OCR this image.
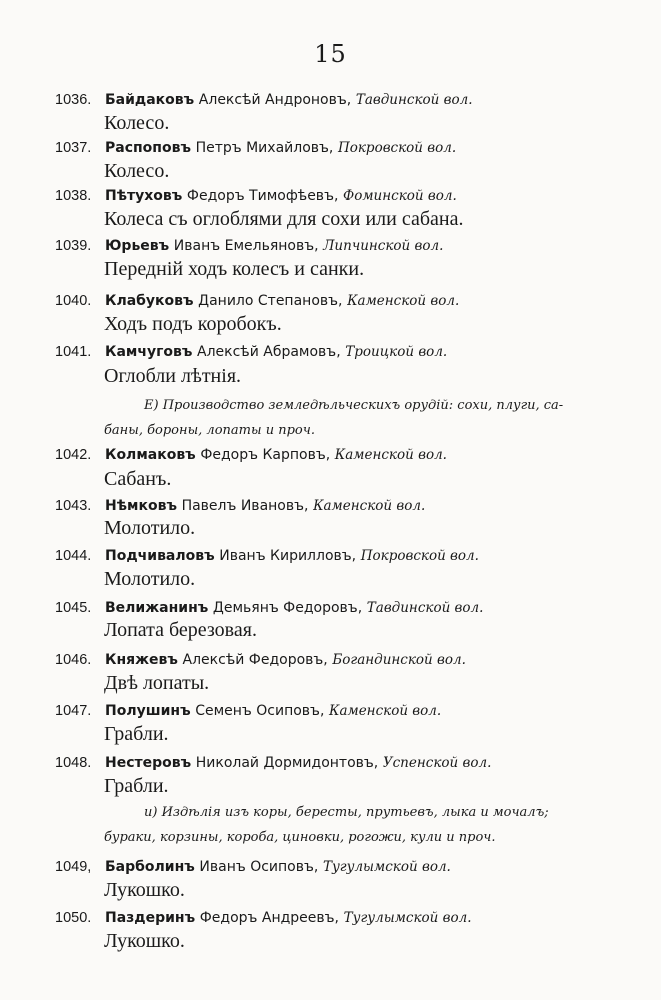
15
1036. Байдаковъ Алексѣй Андроновъ, Тавдинской вол.
Колесо.
1037. Распоповъ Петръ Михайловъ, Покровской вол.
Колесо.
1038. Пѣтуховъ Федоръ Тимофѣевъ, Фоминской вол.
Колеса съ оглоблями для сохи или сабана.
1039. Юрьевъ Иванъ Емельяновъ, Липчинской вол.
Переднiй ходъ колесъ и санки.
1040. Клабуковъ Данило Степановъ, Каменской вол.
Ходъ подъ коробокъ.
1041. Камчуговъ Алексѣй Абрамовъ, Троицкой вол.
Оглобли лѣтнiя.
Е) Производство земледѣльческихъ орудiй: сохи, плуги, са-
баны, бороны, лопаты и проч.
1042. Колмаковъ Федоръ Карповъ, Каменской вол.
Сабанъ.
1043. Нѣмковъ Павелъ Ивановъ, Каменской вол.
Молотило.
1044. Подчиваловъ Иванъ Кирилловъ, Покровской вол.
Молотило.
1045. Велижанинъ Демьянъ Федоровъ, Тавдинской вол.
Лопата березовая.
1046. Княжевъ Алексѣй Федоровъ, Богандинской вол.
Двѣ лопаты.
1047. Полушинъ Семенъ Осиповъ, Каменской вол.
Грабли.
1048. Нестеровъ Николай Дормидонтовъ, Успенской вол.
Грабли.
и) Издѣлiя изъ коры, бересты, прутьевъ, лыка и мочалъ;
бураки, корзины, короба, циновки, рогожи, кули и проч.
1049, Барболинъ Иванъ Осиповъ, Тугулымской вол.
Лукошко.
1050. Паздеринъ Федоръ Андреевъ, Тугулымской вол.
Лукошко.
